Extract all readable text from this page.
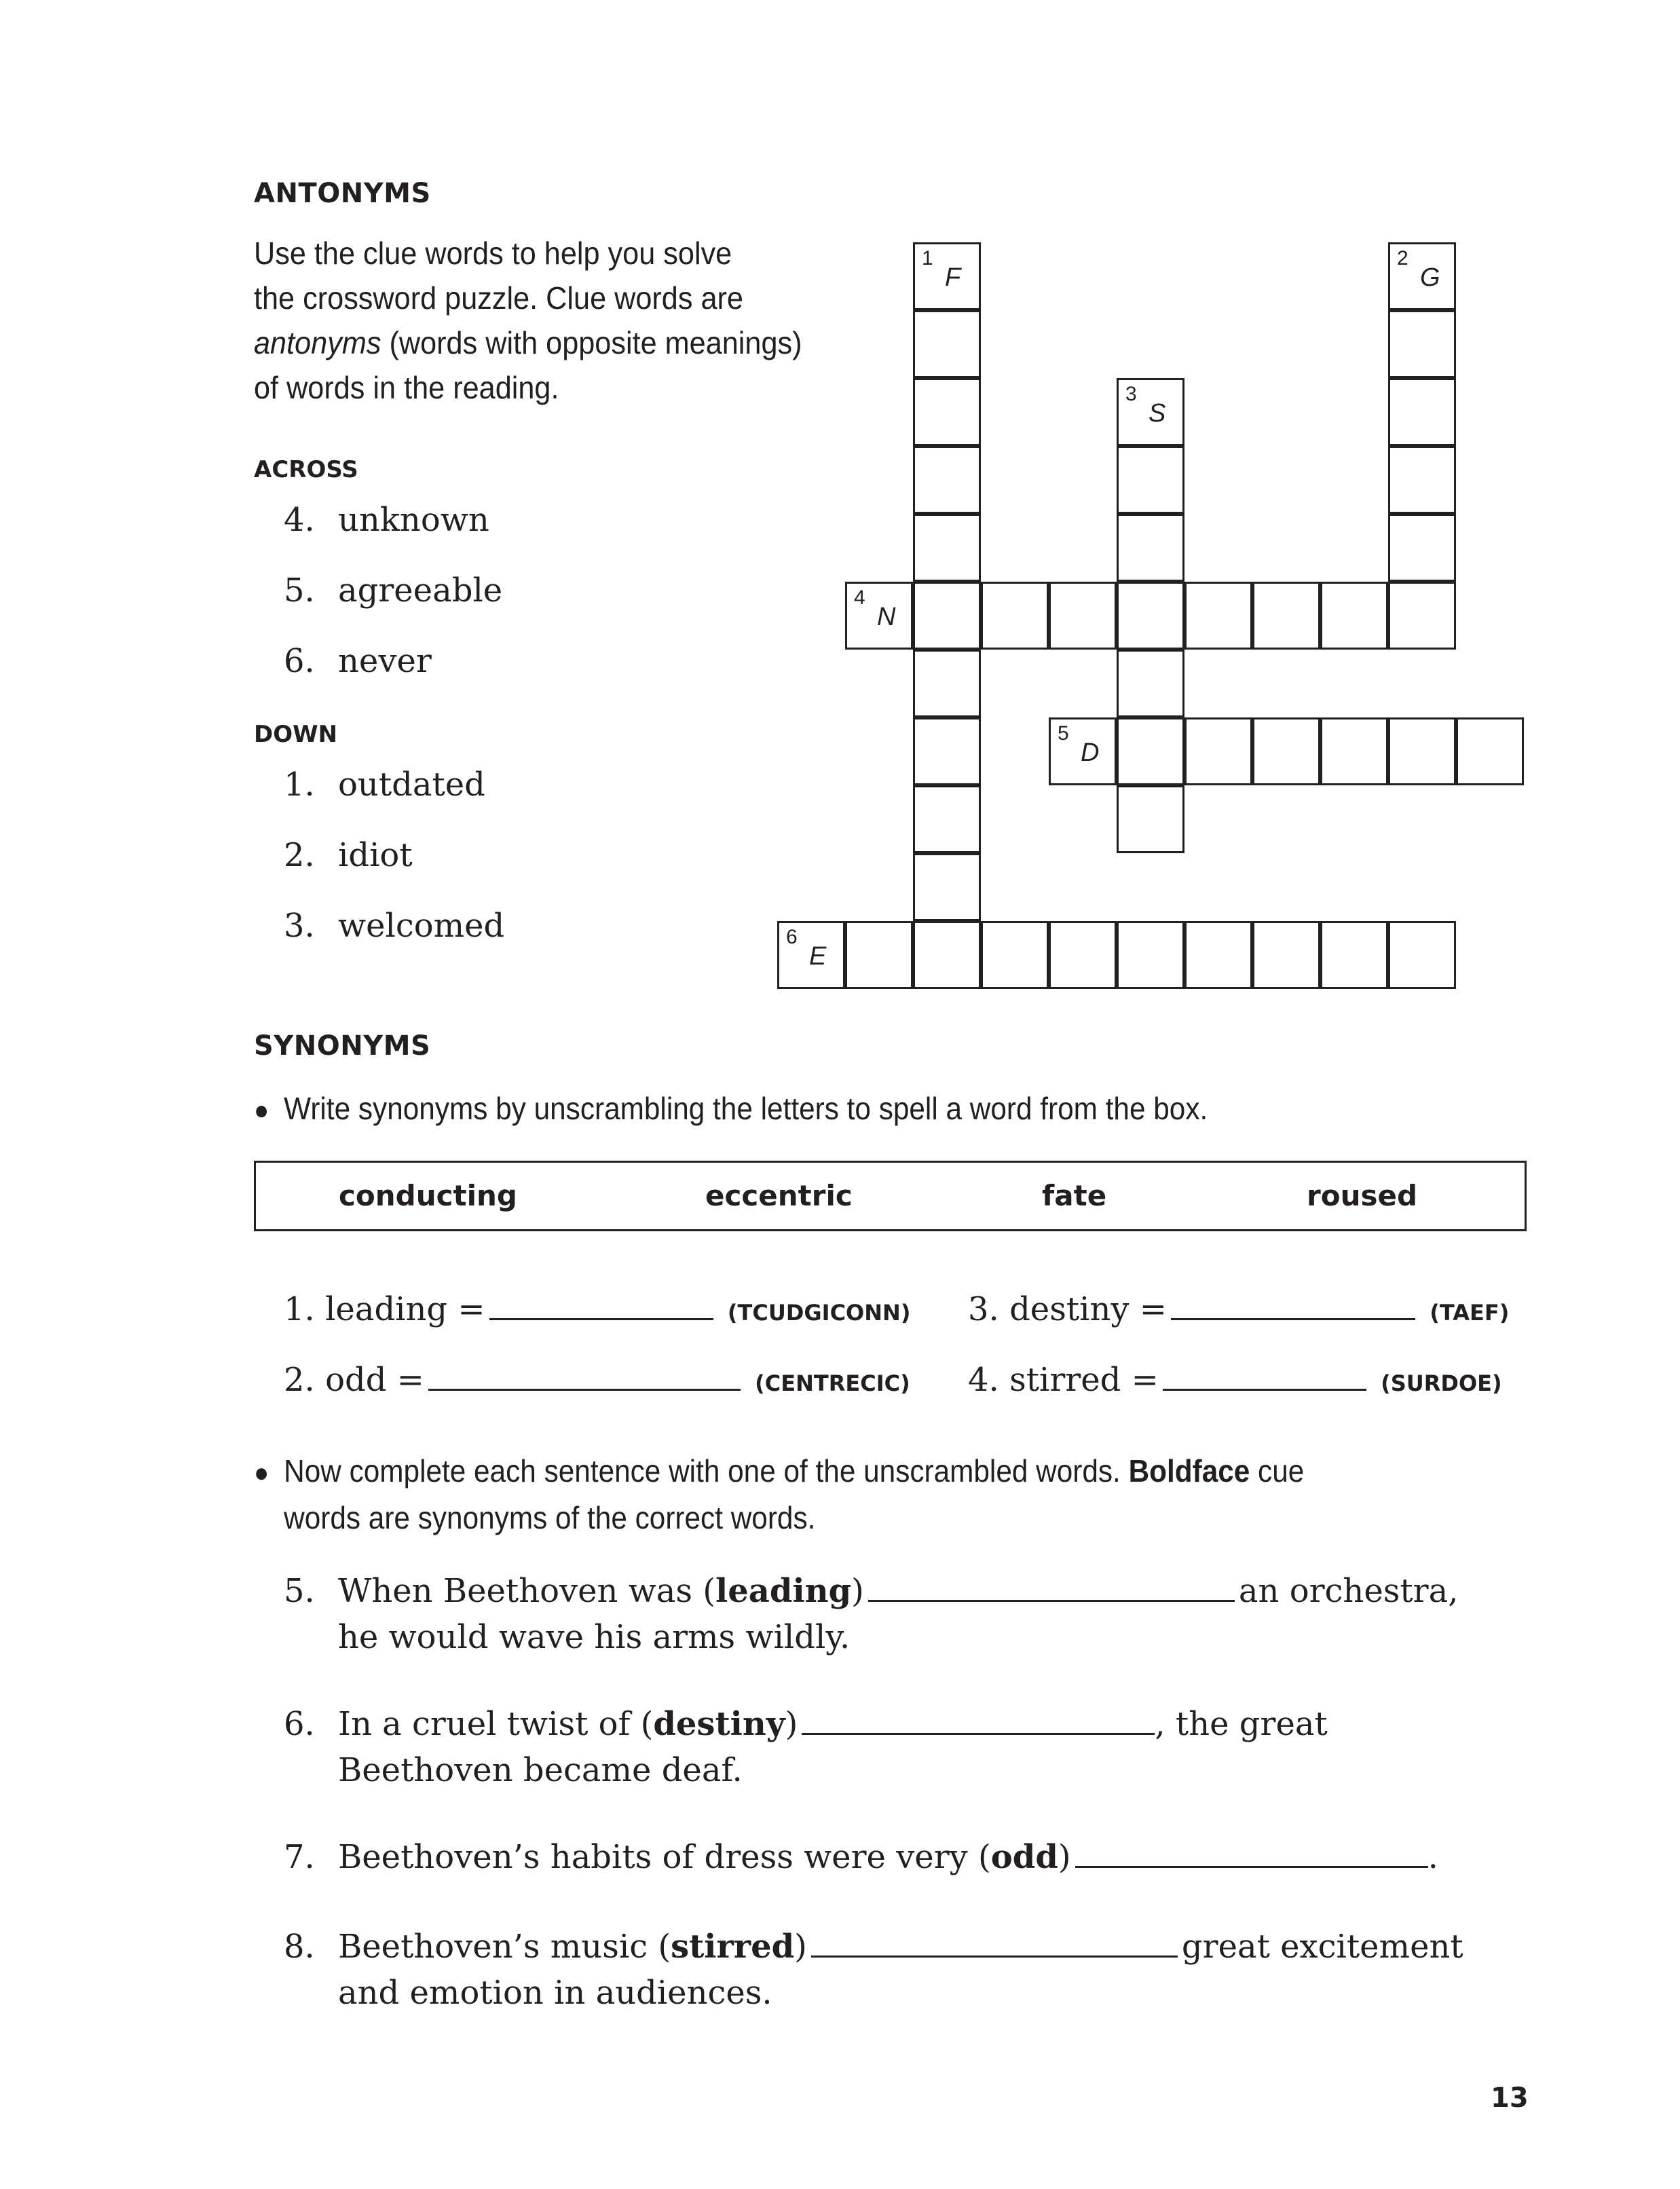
ANTONYMS
Use the clue words to help you solve
the crossword puzzle. Clue words are
antonyms (words with opposite meanings)
of words in the reading.
ACROSS
4. unknown
5. agreeable
6. never
DOWN
1. outdated
2. idiot
3. welcomed
1
F
2
G
3
S
4
N
5
D
6
E
SYNONYMS
● Write synonyms by unscrambling the letters to spell a word from the box.
conducting	eccentric	fate	roused
1. leading =	(TCUDGICONN)
2. odd =	(CENTRECIC)
3. destiny =	(TAEF)
4. stirred =	(SURDOE)
● Now complete each sentence with one of the unscrambled words. Boldface cue
words are synonyms of the correct words.
5. When Beethoven was (leading)	an orchestra,
he would wave his arms wildly.
6. In a cruel twist of (destiny)	, the great
Beethoven became deaf.
7. Beethoven’s habits of dress were very (odd)	.
8. Beethoven’s music (stirred)	great excitement
and emotion in audiences.
13
